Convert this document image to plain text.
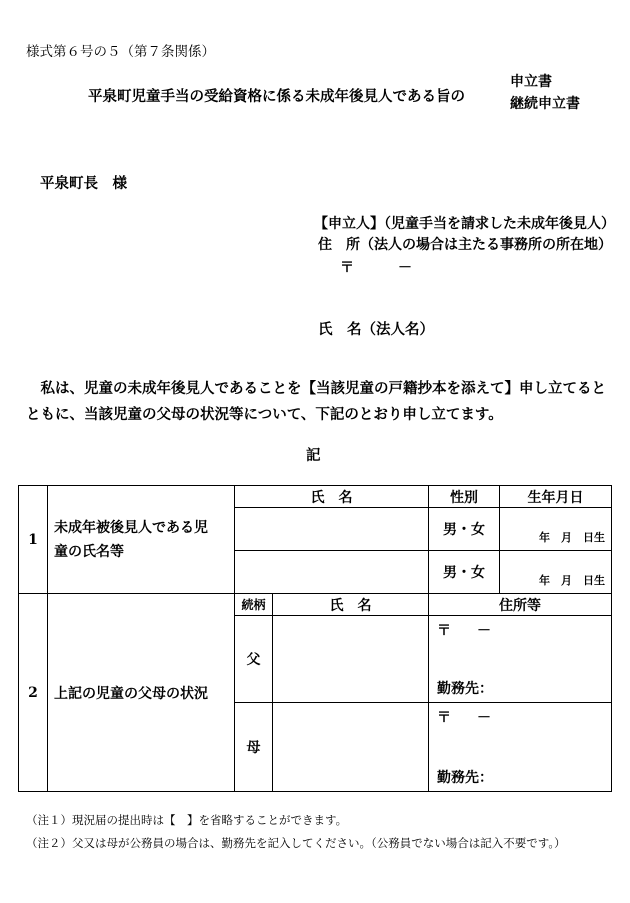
様式第６号の５（第７条関係）
平泉町児童手当の受給資格に係る未成年後見人である旨の
申立書
継続申立書
平泉町長　様
【申立人】（児童手当を請求した未成年後見人）
住　所（法人の場合は主たる事務所の所在地）
〒	－
氏　名（法人名）
私は、児童の未成年後見人であることを【当該児童の戸籍抄本を添えて】申し立てるとともに、当該児童の父母の状況等について、下記のとおり申し立てます。
記
1	未成年被後見人である児童の氏名等	氏　名		性別	生年月日
				男・女	年　月　日生
				男・女	年　月　日生
2	上記の児童の父母の状況	続柄	氏　名	住所等	
		父		〒 －
勤務先：	

		母		〒 －
勤務先：	
（注１）現況届の提出時は【　】を省略することができます。
（注２）父又は母が公務員の場合は、勤務先を記入してください。（公務員でない場合は記入不要です。）
